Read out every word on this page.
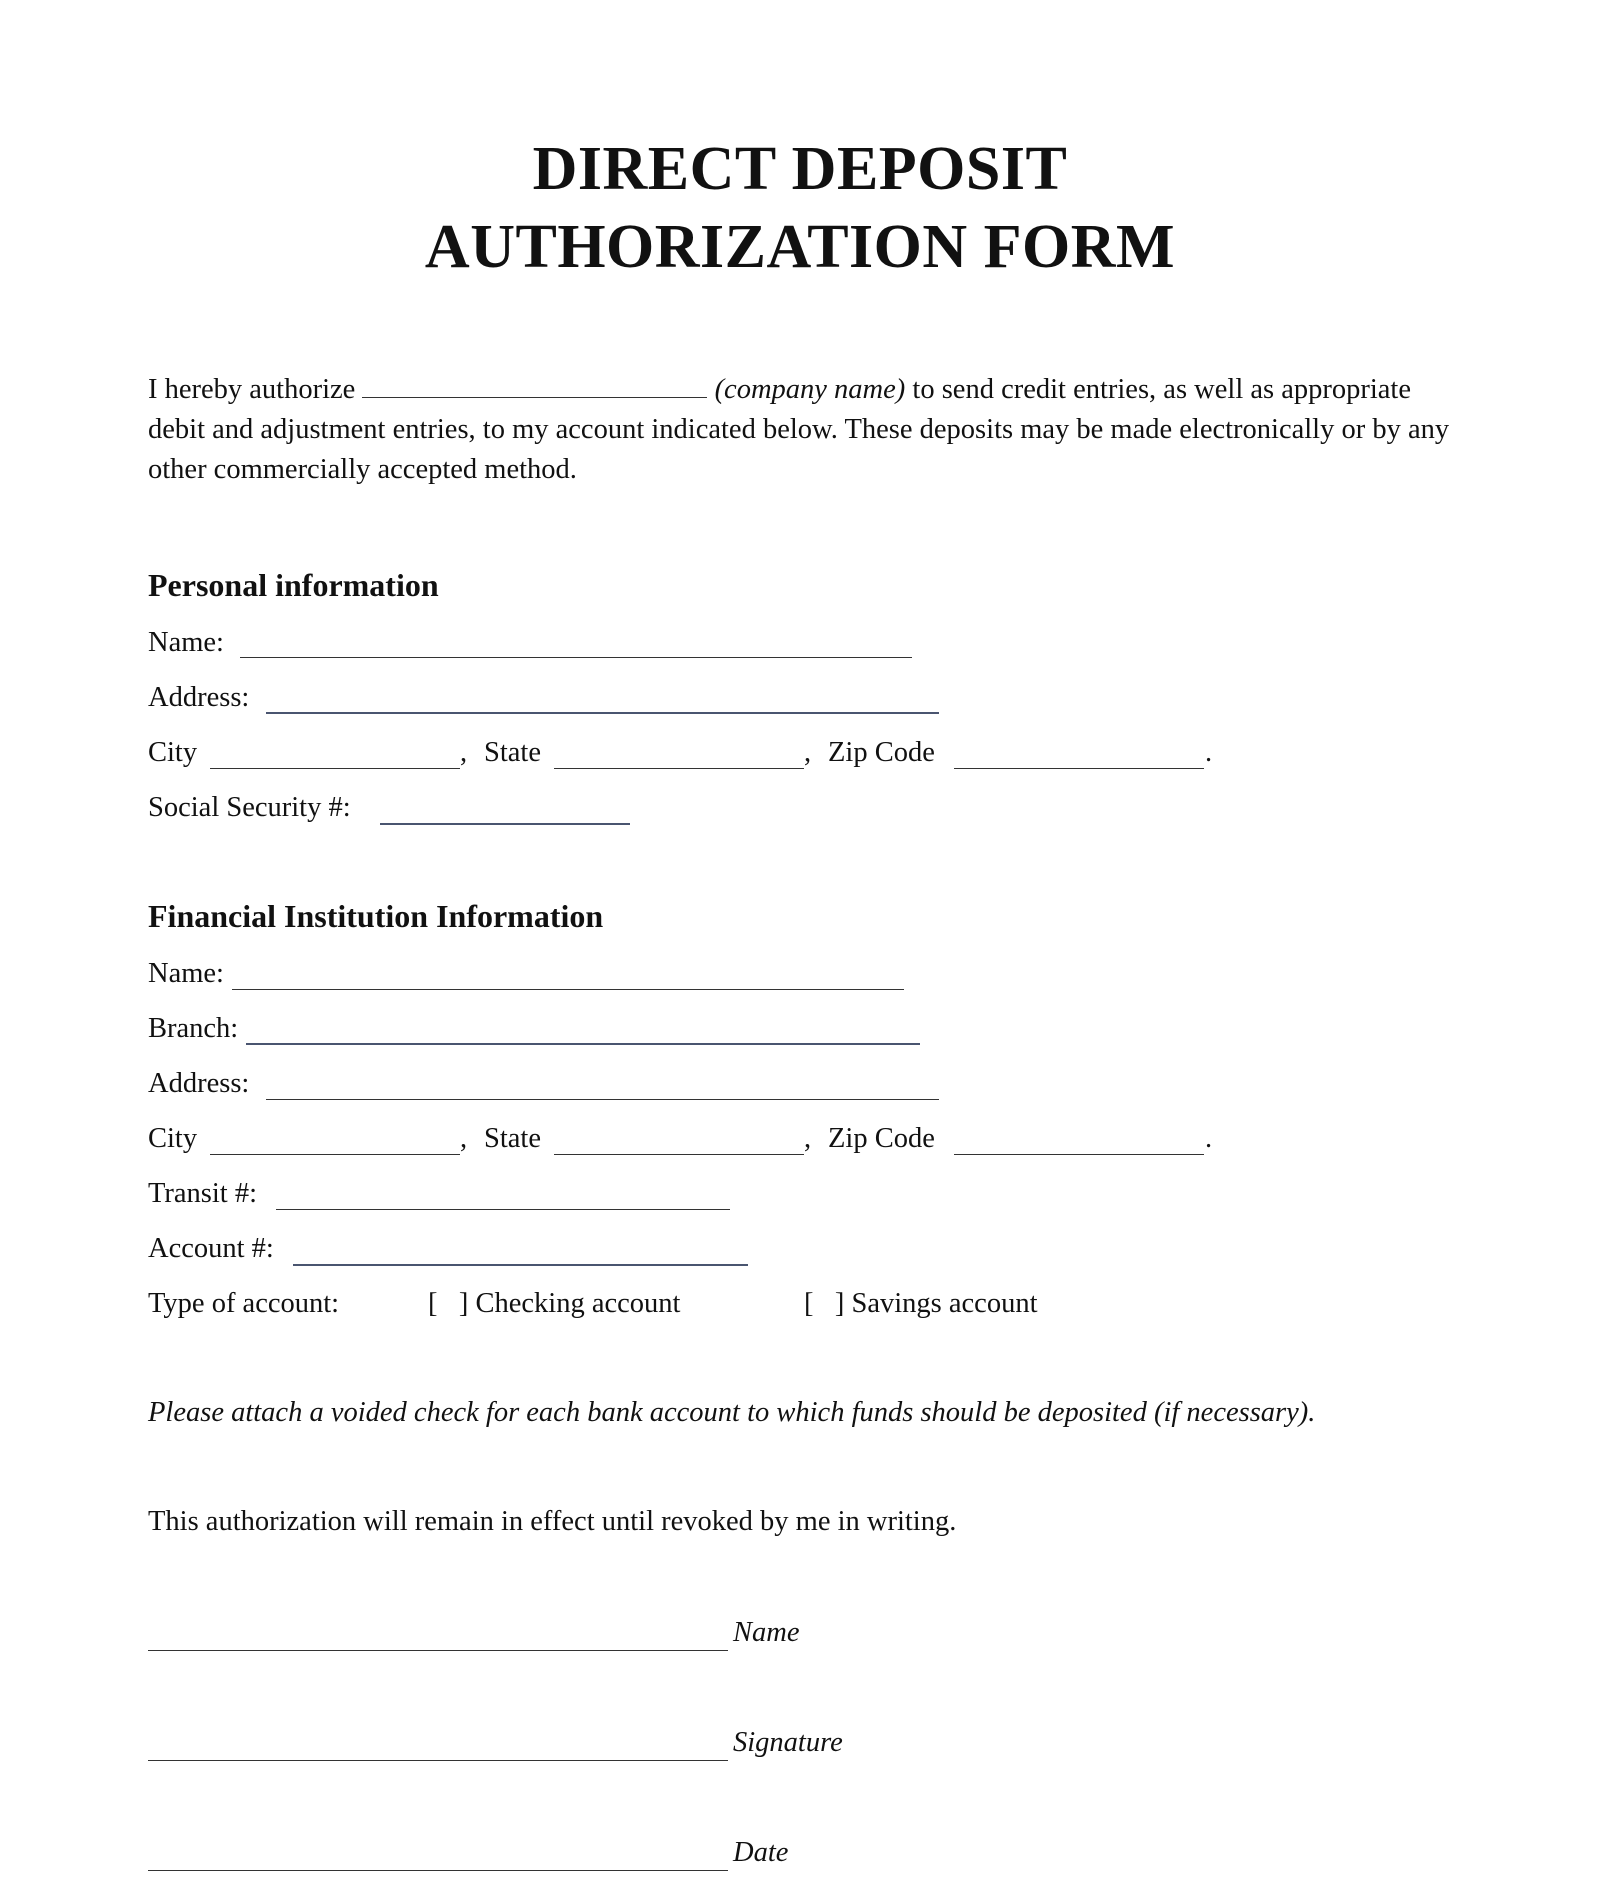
DIRECT DEPOSIT
AUTHORIZATION FORM
I hereby authorize	(company name) to send credit entries, as well as appropriate debit and adjustment entries, to my account indicated below. These deposits may be made electronically or by any other commercially accepted method.
Personal information
Name:
Address:
City	, State	, Zip Code	.
Social Security #:
Financial Institution Information
Name:
Branch:
Address:
City	, State	, Zip Code	.
Transit #:
Account #:
Type of account:	[   ] Checking account	[   ] Savings account
Please attach a voided check for each bank account to which funds should be deposited (if necessary).
This authorization will remain in effect until revoked by me in writing.
Name
Signature
Date
